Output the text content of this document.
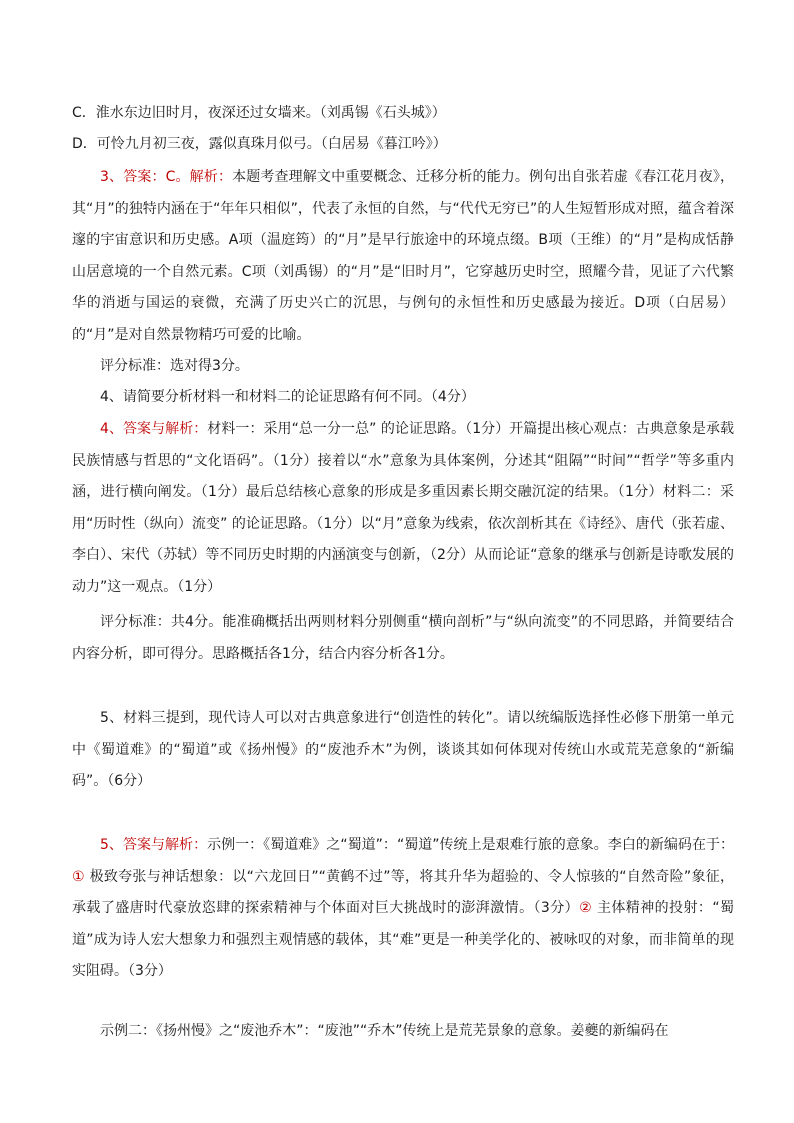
C．淮水东边旧时月，夜深还过女墙来。（刘禹锡《石头城》）
D．可怜九月初三夜，露似真珠月似弓。（白居易《暮江吟》）
3、答案：C。解析：本题考查理解文中重要概念、迁移分析的能力。例句出自张若虚《春江花月夜》，其“月”的独特内涵在于“年年只相似”，代表了永恒的自然，与“代代无穷已”的人生短暂形成对照，蕴含着深邃的宇宙意识和历史感。A项（温庭筠）的“月”是早行旅途中的环境点缀。B项（王维）的“月”是构成恬静山居意境的一个自然元素。C项（刘禹锡）的“月”是“旧时月”，它穿越历史时空，照耀今昔，见证了六代繁华的消逝与国运的衰微，充满了历史兴亡的沉思，与例句的永恒性和历史感最为接近。D项（白居易）的“月”是对自然景物精巧可爱的比喻。
评分标准：选对得3分。
4、请简要分析材料一和材料二的论证思路有何不同。（4分）
4、答案与解析：材料一：采用“总一分一总” 的论证思路。（1分）开篇提出核心观点：古典意象是承载民族情感与哲思的“文化语码”。（1分）接着以“水”意象为具体案例，分述其“阻隔”“时间”“哲学”等多重内涵，进行横向阐发。（1分）最后总结核心意象的形成是多重因素长期交融沉淀的结果。（1分）材料二：采用“历时性（纵向）流变” 的论证思路。（1分）以“月”意象为线索，依次剖析其在《诗经》、唐代（张若虚、李白）、宋代（苏轼）等不同历史时期的内涵演变与创新，（2分）从而论证“意象的继承与创新是诗歌发展的动力”这一观点。（1分）
评分标准：共4分。能准确概括出两则材料分别侧重“横向剖析”与“纵向流变”的不同思路，并简要结合内容分析，即可得分。思路概括各1分，结合内容分析各1分。
5、材料三提到，现代诗人可以对古典意象进行“创造性的转化”。请以统编版选择性必修下册第一单元中《蜀道难》的“蜀道”或《扬州慢》的“废池乔木”为例，谈谈其如何体现对传统山水或荒芜意象的“新编码”。（6分）
5、答案与解析：示例一：《蜀道难》之“蜀道”：“蜀道”传统上是艰难行旅的意象。李白的新编码在于：① 极致夸张与神话想象：以“六龙回日”“黄鹤不过”等，将其升华为超验的、令人惊骇的“自然奇险”象征，承载了盛唐时代豪放恣肆的探索精神与个体面对巨大挑战时的澎湃激情。（3分）② 主体精神的投射：“蜀道”成为诗人宏大想象力和强烈主观情感的载体，其“难”更是一种美学化的、被咏叹的对象，而非简单的现实阻碍。（3分）
示例二：《扬州慢》之“废池乔木”：“废池”“乔木”传统上是荒芜景象的意象。姜夔的新编码在
